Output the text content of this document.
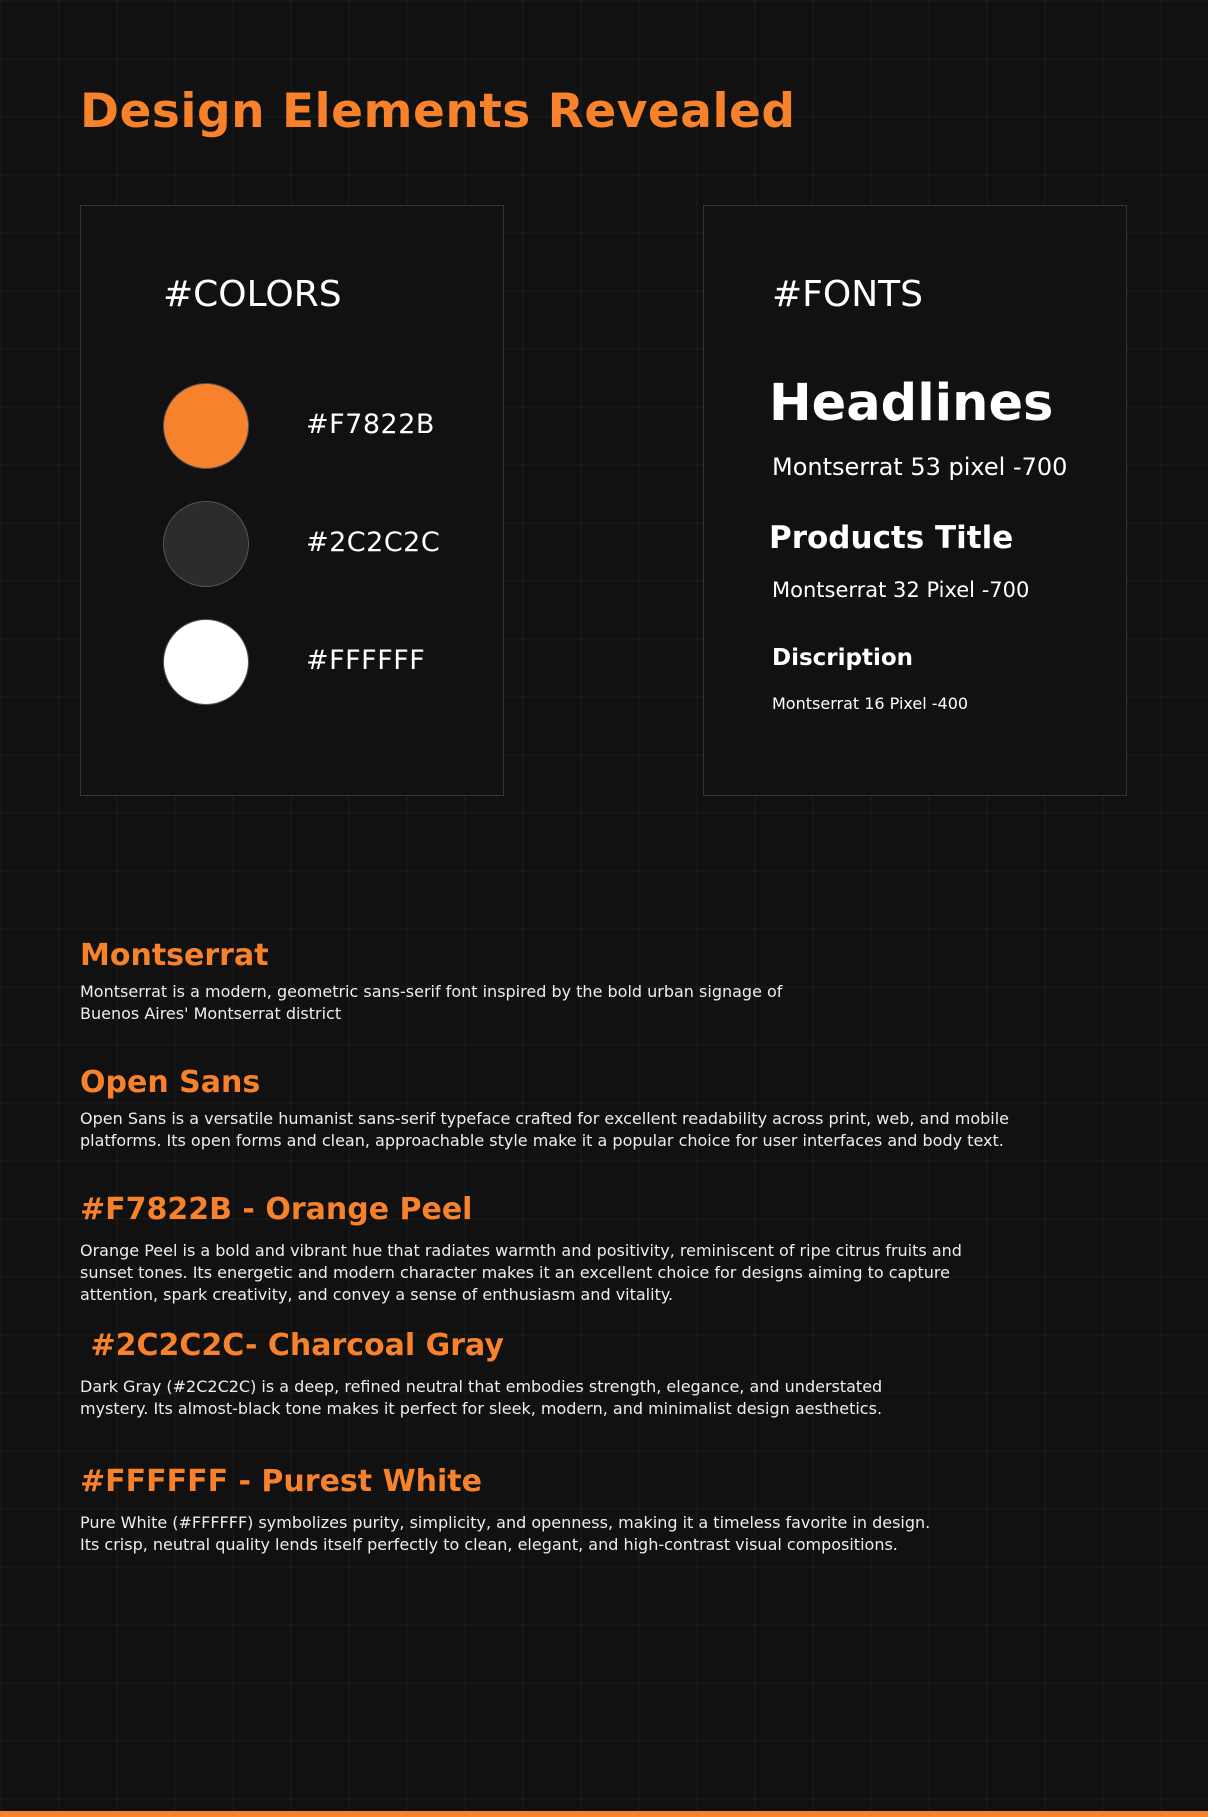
Design Elements Revealed
#COLORS
#F7822B
#2C2C2C
#FFFFFF
#FONTS

Headlines

Montserrat 53 pixel -700

Products Title

Montserrat 32 Pixel -700

Discription

Montserrat 16 Pixel -400

Montserrat

Montserrat is a modern, geometric sans-serif font inspired by the bold urban signage of
Buenos Aires' Montserrat district

Open Sans

Open Sans is a versatile humanist sans-serif typeface crafted for excellent readability across print, web, and mobile
platforms. Its open forms and clean, approachable style make it a popular choice for user interfaces and body text.

#F7822B - Orange Peel

Orange Peel is a bold and vibrant hue that radiates warmth and positivity, reminiscent of ripe citrus fruits and
sunset tones. Its energetic and modern character makes it an excellent choice for designs aiming to capture
attention, spark creativity, and convey a sense of enthusiasm and vitality.

#2C2C2C- Charcoal Gray

Dark Gray (#2C2C2C) is a deep, refined neutral that embodies strength, elegance, and understated
mystery. Its almost-black tone makes it perfect for sleek, modern, and minimalist design aesthetics.

#FFFFFF - Purest White

Pure White (#FFFFFF) symbolizes purity, simplicity, and openness, making it a timeless favorite in design.
Its crisp, neutral quality lends itself perfectly to clean, elegant, and high-contrast visual compositions.
